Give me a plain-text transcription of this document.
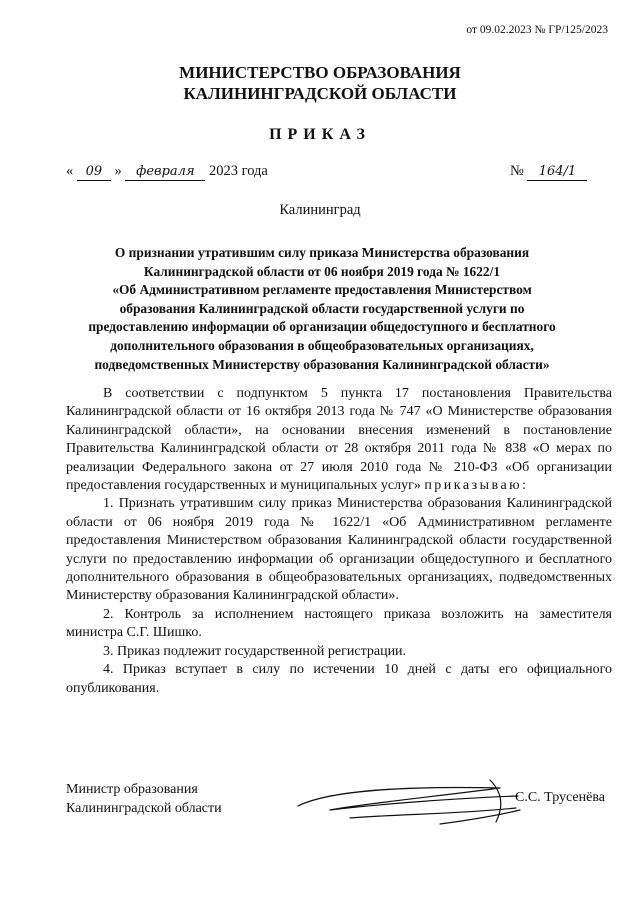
от 09.02.2023 № ГР/125/2023
МИНИСТЕРСТВО ОБРАЗОВАНИЯ
КАЛИНИНГРАДСКОЙ ОБЛАСТИ
ПРИКАЗ
« 09 » февраля 2023 года	№ 164/1
Калининград
О признании утратившим силу приказа Министерства образования
Калининградской области от 06 ноября 2019 года № 1622/1
«Об Административном регламенте предоставления Министерством
образования Калининградской области государственной услуги по
предоставлению информации об организации общедоступного и бесплатного
дополнительного образования в общеобразовательных организациях,
подведомственных Министерству образования Калининградской области»

В соответствии с подпунктом 5 пункта 17 постановления Правительства Калининградской области от 16 октября 2013 года № 747 «О Министерстве образования Калининградской области», на основании внесения изменений в постановление Правительства Калининградской области от 28 октября 2011 года № 838 «О мерах по реализации Федерального закона от 27 июля 2010 года № 210-ФЗ «Об организации предоставления государственных и муниципальных услуг» приказываю:

1. Признать утратившим силу приказ Министерства образования Калининградской области от 06 ноября 2019 года № 1622/1 «Об Административном регламенте предоставления Министерством образования Калининградской области государственной услуги по предоставлению информации об организации общедоступного и бесплатного дополнительного образования в общеобразовательных организациях, подведомственных Министерству образования Калининградской области».

2. Контроль за исполнением настоящего приказа возложить на заместителя министра С.Г. Шишко.

3. Приказ подлежит государственной регистрации.

4. Приказ вступает в силу по истечении 10 дней с даты его официального опубликования.

Министр образования
Калининградской области
С.С. Трусенёва
